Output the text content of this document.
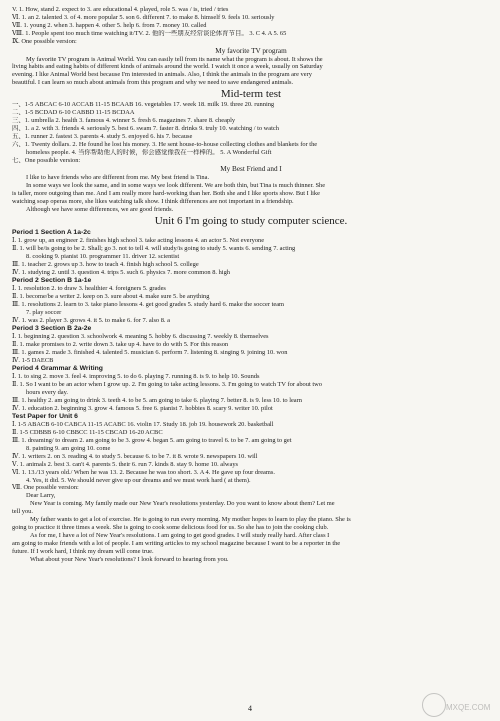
V. 1. How, stand 2. expect to 3. are educational 4. played, role 5. was / is, tried / tries
Ⅵ. 1. an 2. talented 3. of 4. more popular 5. son 6. different 7. to make 8. himself 9. feels 10. seriously
Ⅶ. 1. young 2. when 3. happen 4. other 5. help 6. from 7. money 10. called
Ⅷ. 1. People spent too much time watching it/TV. 2. 他的一些朋友经常谈论体育节目。 3. C 4. A 5. 65
Ⅸ. One possible version:
My favorite TV program
My favorite TV program is Animal World. You can easily tell from its name what the program is about. It shows the
living habits and eating habits of different kinds of animals around the world. I watch it once a week, usually on Saturday
evening. I like Animal World best because I'm interested in animals. Also, I think the animals in the program are very
beautiful. I can learn so much about animals from this program and why we need to save endangered animals.
Mid-term test
一、1-5 ABCAC 6-10 ACCAB 11-15 BCAAB 16. vegetables 17. week 18. milk 19. three 20. running
二、1-5 BCDAD 6-10 CABBD 11-15 BCDAA
三、1. umbrella 2. health 3. famous 4. winner 5. fresh 6. magazines 7. share 8. cheaply
四、1. a 2. with 3. friends 4. seriously 5. best 6. swam 7. faster 8. drinks 9. truly 10. watching / to watch
五、1. runner 2. fastest 3. parents 4. study 5. enjoyed 6. his 7. because
六、1. Twenty dollars. 2. He found he lost his money. 3. He sent house-to-house collecting clothes and blankets for the
homeless people. 4. 当你帮助他人的时候，你会感觉像我在一样棒的。 5. A Wonderful Gift
七、One possible version:
My Best Friend and I
I like to have friends who are different from me. My best friend is Tina.
In some ways we look the same, and in some ways we look different. We are both thin, but Tina is much thinner. She
is taller, more outgoing than me. And I am really more hard-working than her. Both she and I like sports show. But I like
watching soap operas more, she likes watching talk show. I think differences are not important in a friendship.
Although we have some differences, we are good friends.
Unit 6 I'm going to study computer science.
Period 1 Section A 1a-2c
Ⅰ. 1. grow up, an engineer 2. finishes high school 3. take acting lessons 4. an actor 5. Not everyone
Ⅱ. 1. will be/is going to be 2. Shall; go 3. not to tell 4. will study/is going to study 5. wants 6. sending 7. acting
8. cooking 9. pianist 10. programmer 11. driver 12. scientist
Ⅲ. 1. teacher 2. grows up 3. how to teach 4. finish high school 5. college
Ⅳ. 1. studying 2. until 3. question 4. trips 5. such 6. physics 7. more common 8. high
Period 2 Section B 1a-1e
Ⅰ. 1. resolution 2. to draw 3. healthier 4. foreigners 5. grades
Ⅱ. 1. become/be a writer 2. keep on 3. sure about 4. make sure 5. be anything
Ⅲ. 1. resolutions 2. learn to 3. take piano lessons 4. get good grades 5. study hard 6. make the soccer team
7. play soccer
Ⅳ. 1. was 2. player 3. grows 4. it 5. to make 6. for 7. also 8. a
Period 3 Section B 2a-2e
Ⅰ. 1. beginning 2. question 3. schoolwork 4. meaning 5. hobby 6. discussing 7. weekly 8. themselves
Ⅱ. 1. make promises to 2. write down 3. take up 4. have to do with 5. For this reason
Ⅲ. 1. games 2. made 3. finished 4. talented 5. musician 6. perform 7. listening 8. singing 9. joining 10. won
Ⅳ. 1-5 DAECB
Period 4 Grammar & Writing
Ⅰ. 1. to sing 2. move 3. feel 4. improving 5. to do 6. playing 7. running 8. is 9. to help 10. Sounds
Ⅱ. 1. So I want to be an actor when I grow up. 2. I'm going to take acting lessons. 3. I'm going to watch TV for about two
hours every day.
Ⅲ. 1. healthy 2. am going to drink 3. teeth 4. to be 5. am going to take 6. playing 7. better 8. is 9. less 10. to learn
Ⅳ. 1. education 2. beginning 3. grow 4. famous 5. free 6. pianist 7. hobbies 8. scary 9. writer 10. pilot
Test Paper for Unit 6
Ⅰ. 1-5 ABACB 6-10 CABCA 11-15 ACABC 16. violin 17. Study 18. job 19. housework 20. basketball
Ⅱ. 1-5 CDBBB 6-10 CBBCC 11-15 CBCAD 16-20 ACBC
Ⅲ. 1. dreaming/ to dream 2. am going to be 3. grow 4. began 5. am going to travel 6. to be 7. am going to get
8. painting 9. am going 10. come
Ⅳ. 1. writers 2. on 3. reading 4. to study 5. because 6. to be 7. it 8. wrote 9. newspapers 10. will
Ⅴ. 1. animals 2. best 3. can't 4. parents 5. their 6. run 7. kinds 8. stay 9. home 10. always
Ⅵ. 1. 13./13 years old./ When he was 13. 2. Because he was too short. 3. A 4. He gave up four dreams.
4. Yes, it did. 5. We should never give up our dreams and we must work hard ( at them).
Ⅶ. One possible version:
Dear Larry,
New Year is coming. My family made our New Year's resolutions yesterday. Do you want to know about them? Let me
tell you.
My father wants to get a lot of exercise. He is going to run every morning. My mother hopes to learn to play the piano. She is
going to practice it three times a week. She is going to cook some delicious food for us. So she has to join the cooking club.
As for me, I have a lot of New Year's resolutions. I am going to get good grades. I will study really hard. After class I
am going to make friends with a lot of people. I am writing articles to my school magazine because I want to be a reporter in the
future. If I work hard, I think my dream will come true.
What about your New Year's resolutions? I look forward to hearing from you.
4	MXQE.COM
